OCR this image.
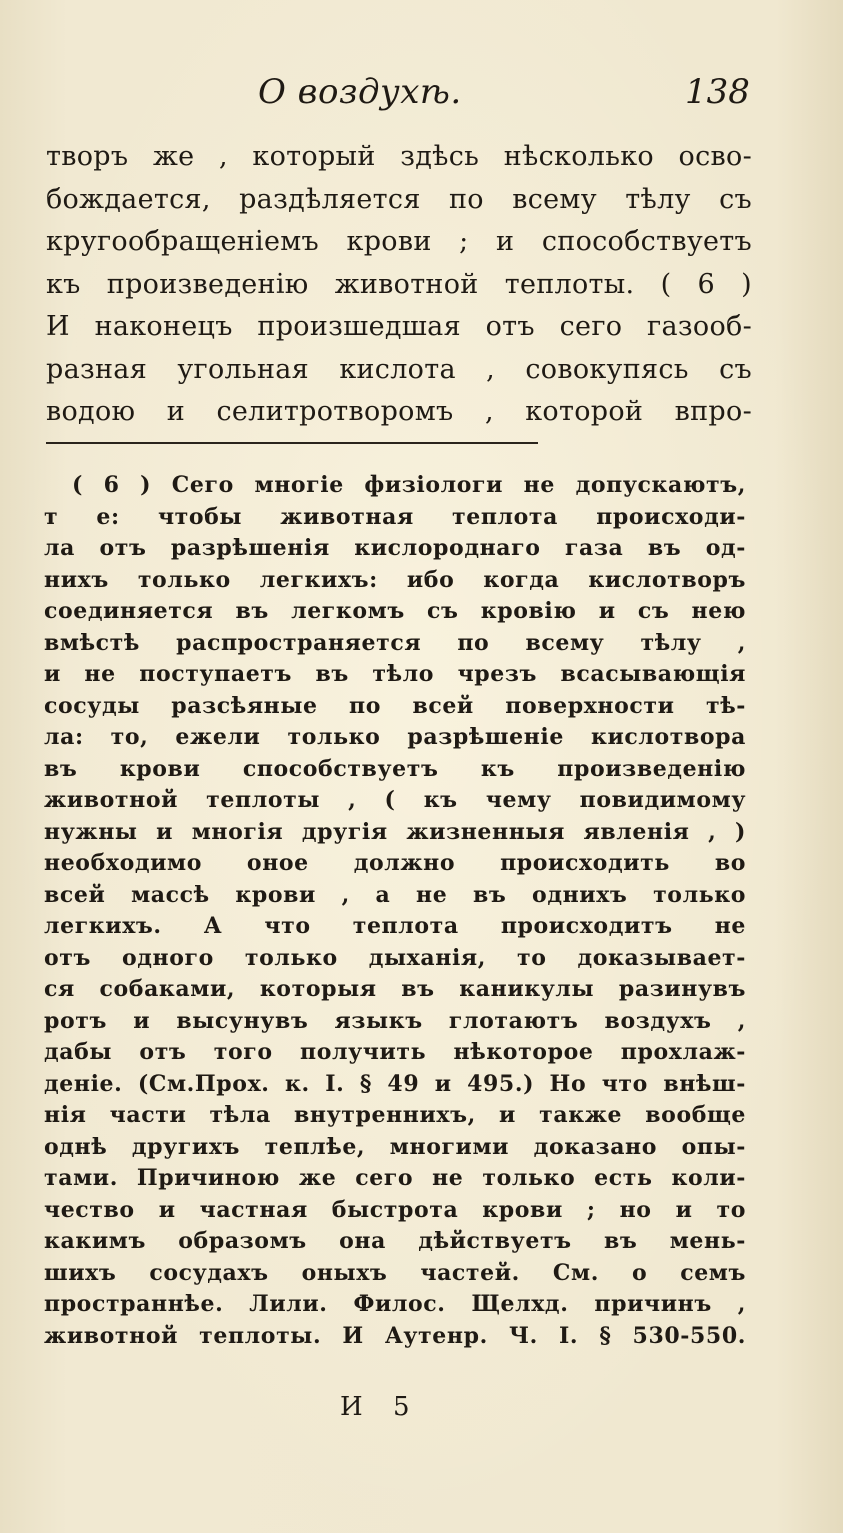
О воздухѣ.	138
творъ же , который здѣсь нѣсколько осво-
бождается, раздѣляется по всему тѣлу съ
кругообращеніемъ крови ; и способствуетъ
къ произведенію животной теплоты. ( 6 )
И наконецъ произшедшая отъ сего газооб-
разная угольная кислота , совокупясь съ
водою и селитротворомъ , которой впро-
( 6 ) Сего многіе физіологи не допускаютъ,
т е: чтобы животная теплота происходи-
ла отъ разрѣшенія кислороднаго газа въ од-
нихъ только легкихъ: ибо когда кислотворъ
соединяется въ легкомъ съ кровію и съ нею
вмѣстѣ распространяется по всему тѣлу ,
и не поступаетъ въ тѣло чрезъ всасывающія
сосуды разсѣяные по всей поверхности тѣ-
ла: то, ежели только разрѣшеніе кислотвора
въ крови способствуетъ къ произведенію
животной теплоты , ( къ чему повидимому
нужны и многія другія жизненныя явленія , )
необходимо оное должно происходить во
всей массѣ крови , а не въ однихъ только
легкихъ. А что теплота происходитъ не
отъ одного только дыханія, то доказывает-
ся собаками, которыя въ каникулы разинувъ
ротъ и высунувъ языкъ глотаютъ воздухъ ,
дабы отъ того получить нѣкоторое прохлаж-
деніе. (См.Прох. к. I. § 49 и 495.) Но что внѣш-
нія части тѣла внутреннихъ, и также вообще
однѣ другихъ теплѣе, многими доказано опы-
тами. Причиною же сего не только есть коли-
чество и частная быстрота крови ; но и то
какимъ образомъ она дѣйствуетъ въ мень-
шихъ сосудахъ оныхъ частей. См. о семъ
пространнѣе. Лили. Филос. Щелхд. причинъ ,
животной теплоты. И Аутенр. Ч. I. § 530-550.
И 5
